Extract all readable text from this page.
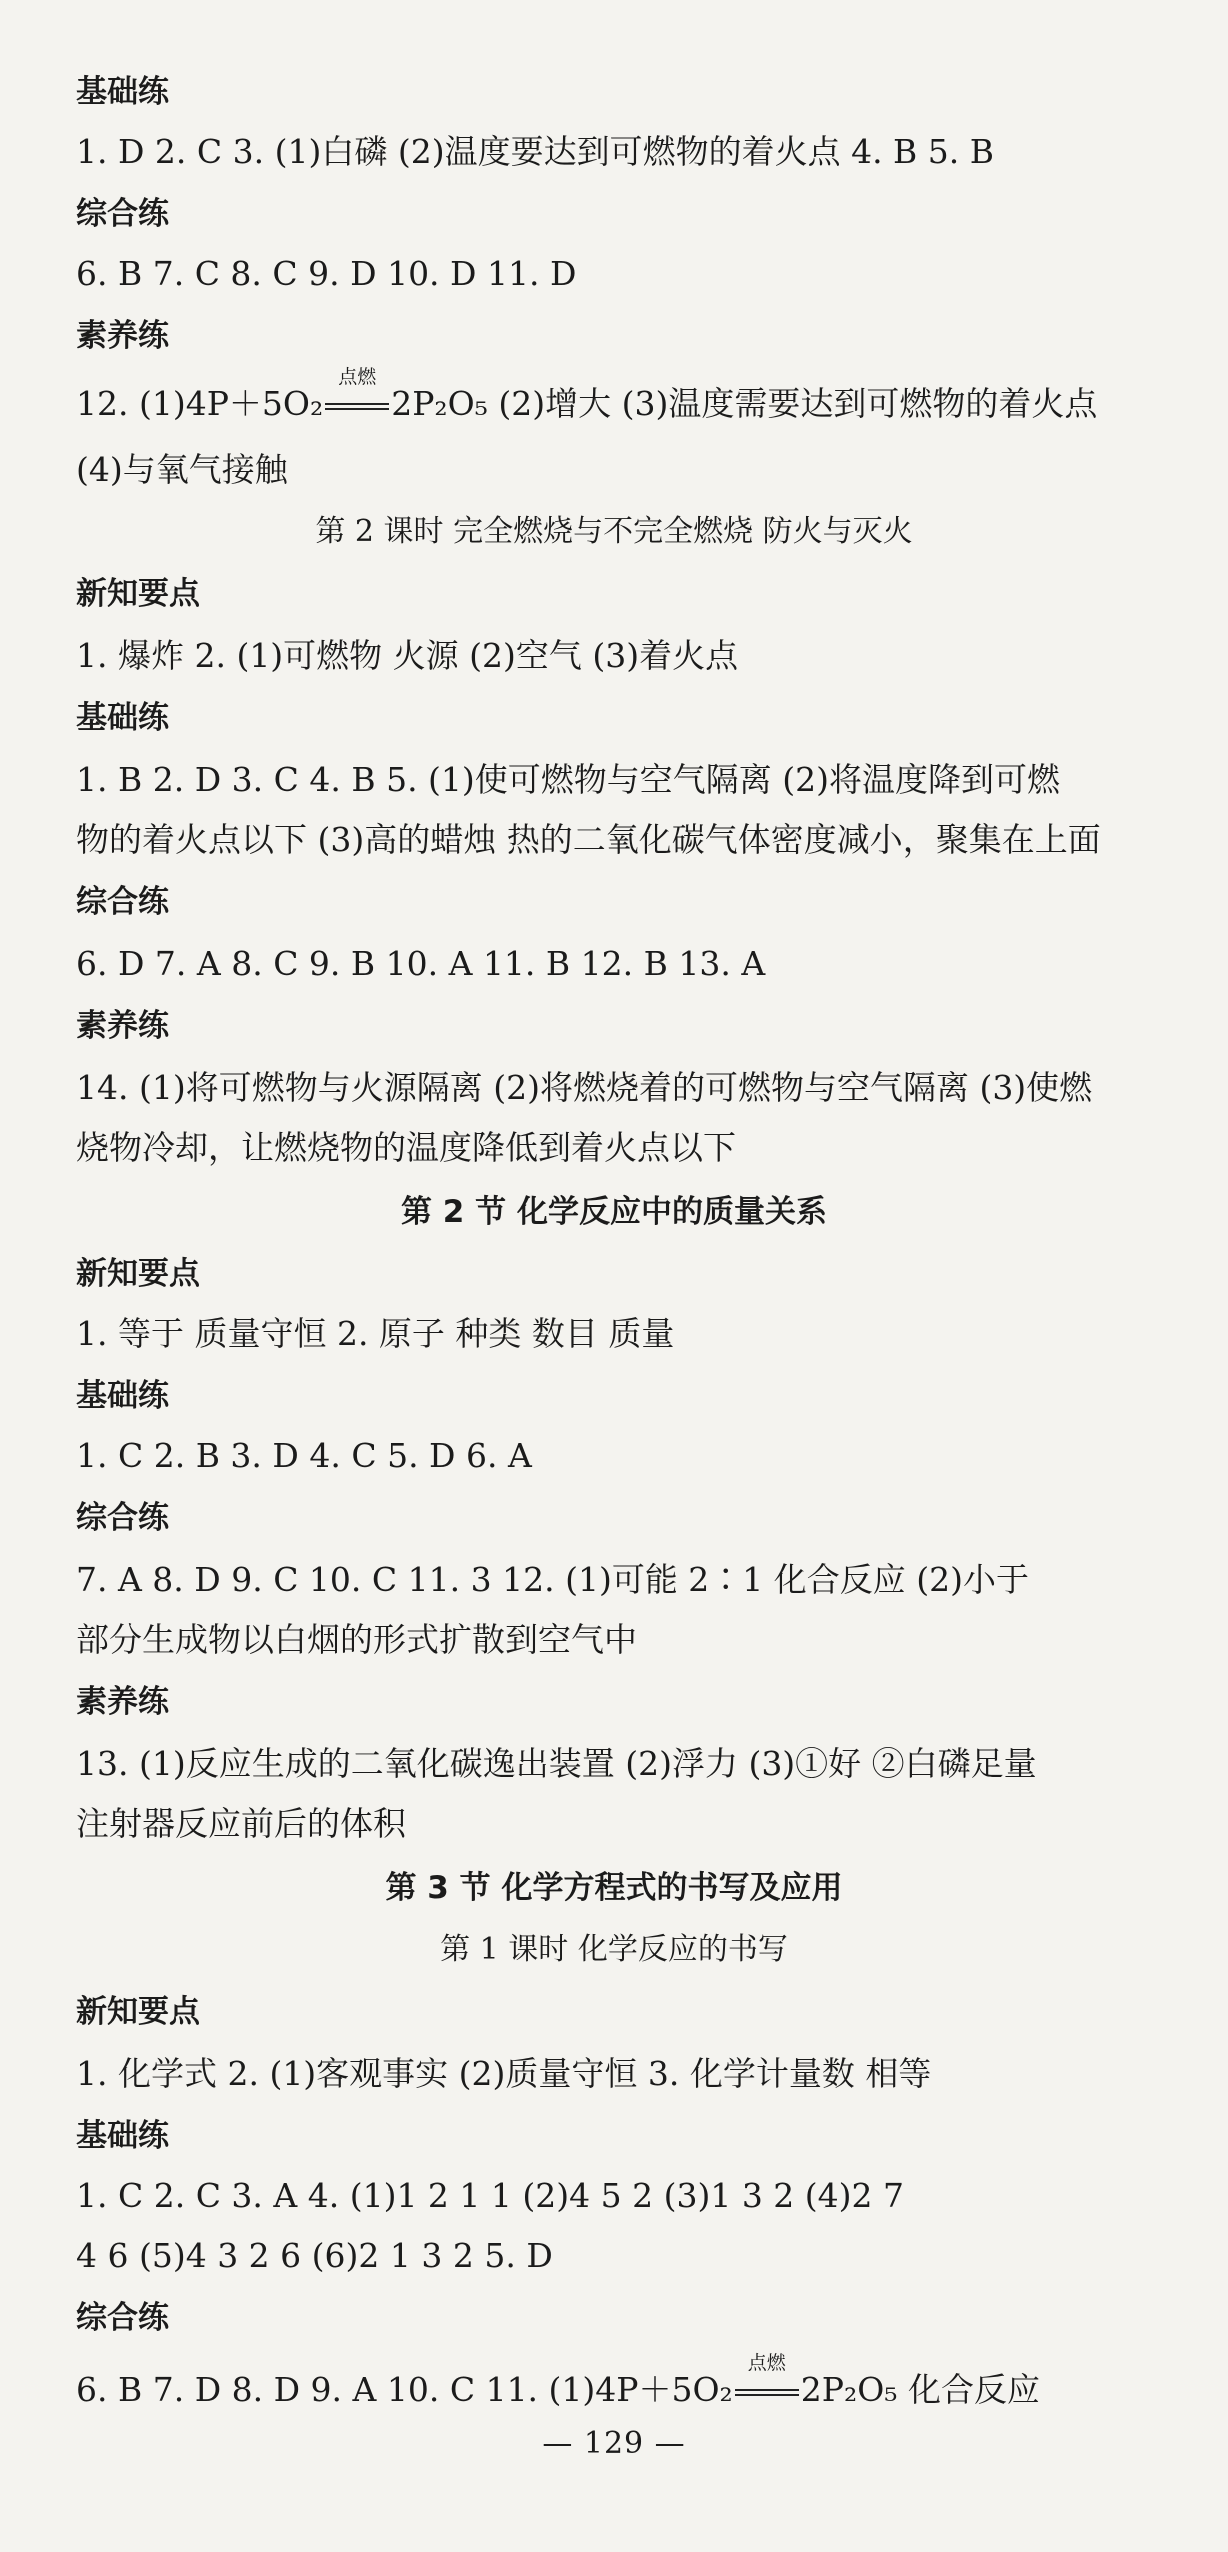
基础练
1. D 2. C 3. (1)白磷 (2)温度要达到可燃物的着火点 4. B 5. B
综合练
6. B 7. C 8. C 9. D 10. D 11. D
素养练
12. (1)4P＋5O₂
点燃
2P₂O₅ (2)增大 (3)温度需要达到可燃物的着火点
(4)与氧气接触
第 2 课时 完全燃烧与不完全燃烧 防火与灭火
新知要点
1. 爆炸 2. (1)可燃物 火源 (2)空气 (3)着火点
基础练
1. B 2. D 3. C 4. B 5. (1)使可燃物与空气隔离 (2)将温度降到可燃
物的着火点以下 (3)高的蜡烛 热的二氧化碳气体密度减小，聚集在上面
综合练
6. D 7. A 8. C 9. B 10. A 11. B 12. B 13. A
素养练
14. (1)将可燃物与火源隔离 (2)将燃烧着的可燃物与空气隔离 (3)使燃
烧物冷却，让燃烧物的温度降低到着火点以下
第 2 节 化学反应中的质量关系
新知要点
1. 等于 质量守恒 2. 原子 种类 数目 质量
基础练
1. C 2. B 3. D 4. C 5. D 6. A
综合练
7. A 8. D 9. C 10. C 11. 3 12. (1)可能 2∶1 化合反应 (2)小于
部分生成物以白烟的形式扩散到空气中
素养练
13. (1)反应生成的二氧化碳逸出装置 (2)浮力 (3)①好 ②白磷足量
注射器反应前后的体积
第 3 节 化学方程式的书写及应用
第 1 课时 化学反应的书写
新知要点
1. 化学式 2. (1)客观事实 (2)质量守恒 3. 化学计量数 相等
基础练
1. C 2. C 3. A 4. (1)1 2 1 1 (2)4 5 2 (3)1 3 2 (4)2 7
4 6 (5)4 3 2 6 (6)2 1 3 2 5. D
综合练
6. B 7. D 8. D 9. A 10. C 11. (1)4P＋5O₂
点燃
2P₂O₅ 化合反应
— 129 —
